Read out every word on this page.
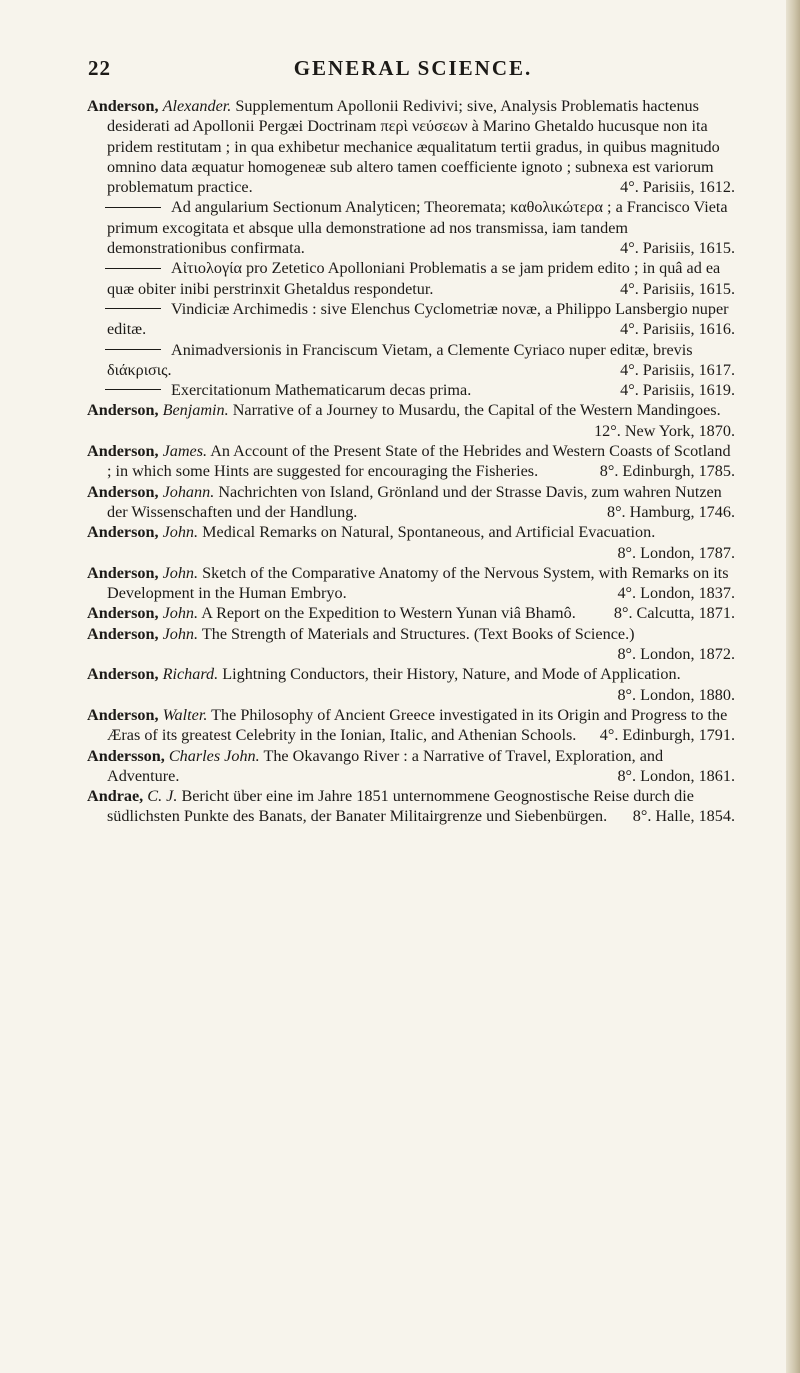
22	GENERAL SCIENCE.
Anderson, Alexander. Supplementum Apollonii Redivivi; sive, Analysis Problematis hactenus desiderati ad Apollonii Pergæi Doctrinam περὶ νεύσεων à Marino Ghetaldo hucusque non ita pridem restitutam ; in qua exhibetur mechanice æqualitatum tertii gradus, in quibus magnitudo omnino data æquatur homogeneæ sub altero tamen coefficiente ignoto ; subnexa est variorum problematum practice.	4°. Parisiis, 1612.
Ad angularium Sectionum Analyticen; Theoremata; καθολικώτερα ; a Francisco Vieta primum excogitata et absque ulla demonstratione ad nos transmissa, iam tandem demonstrationibus confirmata.	4°. Parisiis, 1615.
Αἰτιολογία pro Zetetico Apolloniani Problematis a se jam pridem edito ; in quâ ad ea quæ obiter inibi perstrinxit Ghetaldus respondetur.	4°. Parisiis, 1615.
Vindiciæ Archimedis : sive Elenchus Cyclometriæ novæ, a Philippo Lansbergio nuper editæ.	4°. Parisiis, 1616.
Animadversionis in Franciscum Vietam, a Clemente Cyriaco nuper editæ, brevis διάκρισις.	4°. Parisiis, 1617.
Exercitationum Mathematicarum decas prima.	4°. Parisiis, 1619.
Anderson, Benjamin. Narrative of a Journey to Musardu, the Capital of the Western Mandingoes.
12°. New York, 1870.
Anderson, James. An Account of the Present State of the Hebrides and Western Coasts of Scotland ; in which some Hints are suggested for encouraging the Fisheries.	8°. Edinburgh, 1785.
Anderson, Johann. Nachrichten von Island, Grönland und der Strasse Davis, zum wahren Nutzen der Wissenschaften und der Handlung.	8°. Hamburg, 1746.
Anderson, John. Medical Remarks on Natural, Spontaneous, and Artificial Evacuation.
8°. London, 1787.
Anderson, John. Sketch of the Comparative Anatomy of the Nervous System, with Remarks on its Development in the Human Embryo.	4°. London, 1837.
Anderson, John. A Report on the Expedition to Western Yunan viâ Bhamô. 8°. Calcutta, 1871.
Anderson, John. The Strength of Materials and Structures. (Text Books of Science.)
8°. London, 1872.
Anderson, Richard. Lightning Conductors, their History, Nature, and Mode of Application.
8°. London, 1880.
Anderson, Walter. The Philosophy of Ancient Greece investigated in its Origin and Progress to the Æras of its greatest Celebrity in the Ionian, Italic, and Athenian Schools. 4°. Edinburgh, 1791.
Andersson, Charles John. The Okavango River : a Narrative of Travel, Exploration, and Adventure.	8°. London, 1861.
Andrae, C. J. Bericht über eine im Jahre 1851 unternommene Geognostische Reise durch die südlichsten Punkte des Banats, der Banater Militairgrenze und Siebenbürgen. 8°. Halle, 1854.
